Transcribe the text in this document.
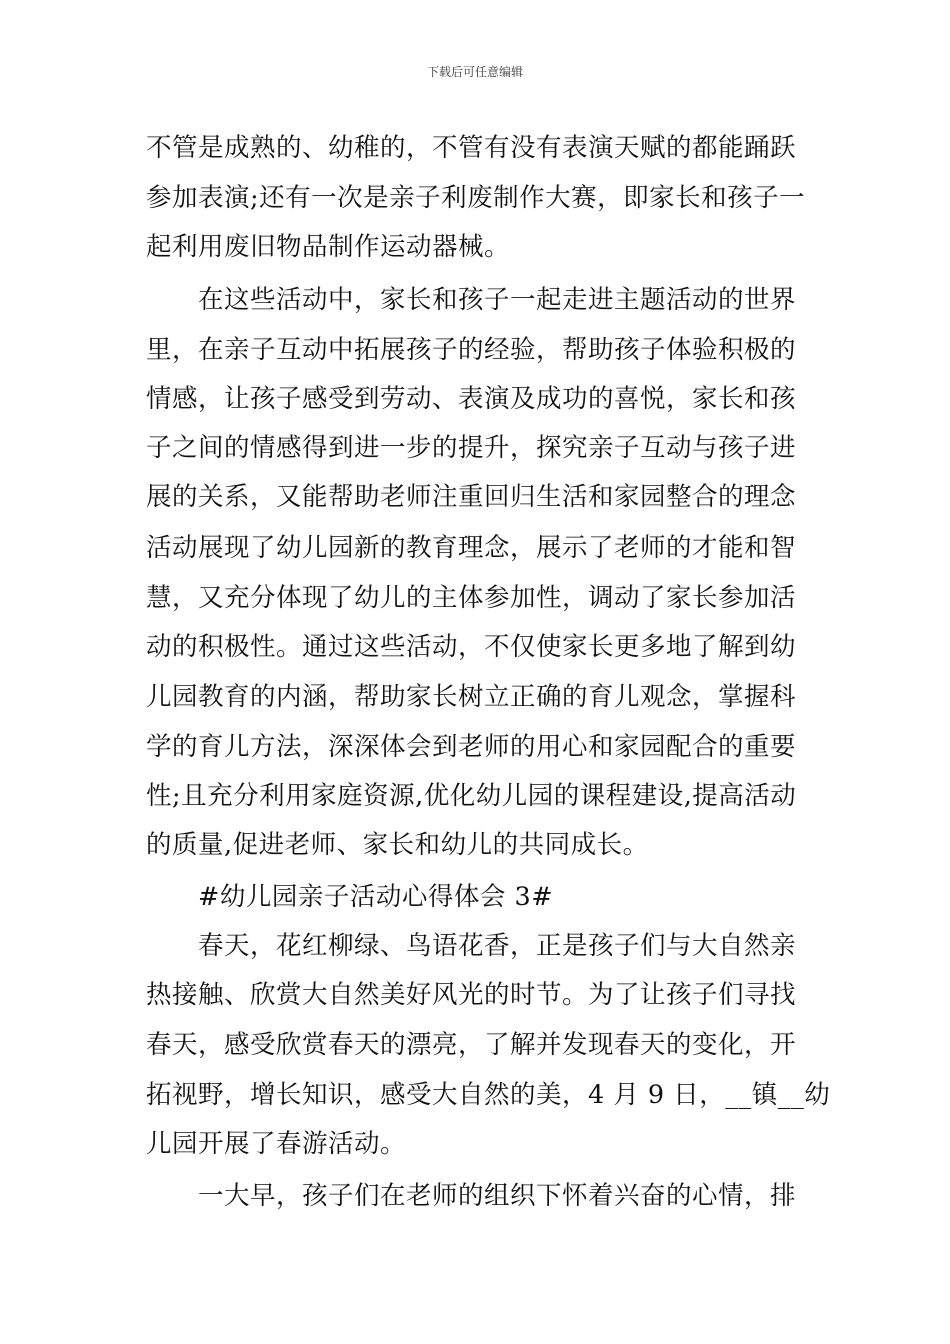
下载后可任意编辑
不管是成熟的、幼稚的，不管有没有表演天赋的都能踊跃
参加表演;还有一次是亲子利废制作大赛，即家长和孩子一
起利用废旧物品制作运动器械。
在这些活动中，家长和孩子一起走进主题活动的世界
里，在亲子互动中拓展孩子的经验，帮助孩子体验积极的
情感，让孩子感受到劳动、表演及成功的喜悦，家长和孩
子之间的情感得到进一步的提升，探究亲子互动与孩子进
展的关系，又能帮助老师注重回归生活和家园整合的理念
活动展现了幼儿园新的教育理念，展示了老师的才能和智
慧，又充分体现了幼儿的主体参加性，调动了家长参加活
动的积极性。通过这些活动，不仅使家长更多地了解到幼
儿园教育的内涵，帮助家长树立正确的育儿观念，掌握科
学的育儿方法，深深体会到老师的用心和家园配合的重要
性;且充分利用家庭资源,优化幼儿园的课程建设,提高活动
的质量,促进老师、家长和幼儿的共同成长。
#幼儿园亲子活动心得体会 3#
春天，花红柳绿、鸟语花香，正是孩子们与大自然亲
热接触、欣赏大自然美好风光的时节。为了让孩子们寻找
春天，感受欣赏春天的漂亮，了解并发现春天的变化，开
拓视野，增长知识，感受大自然的美，4 月 9 日，__镇__幼
儿园开展了春游活动。
一大早，孩子们在老师的组织下怀着兴奋的心情，排
